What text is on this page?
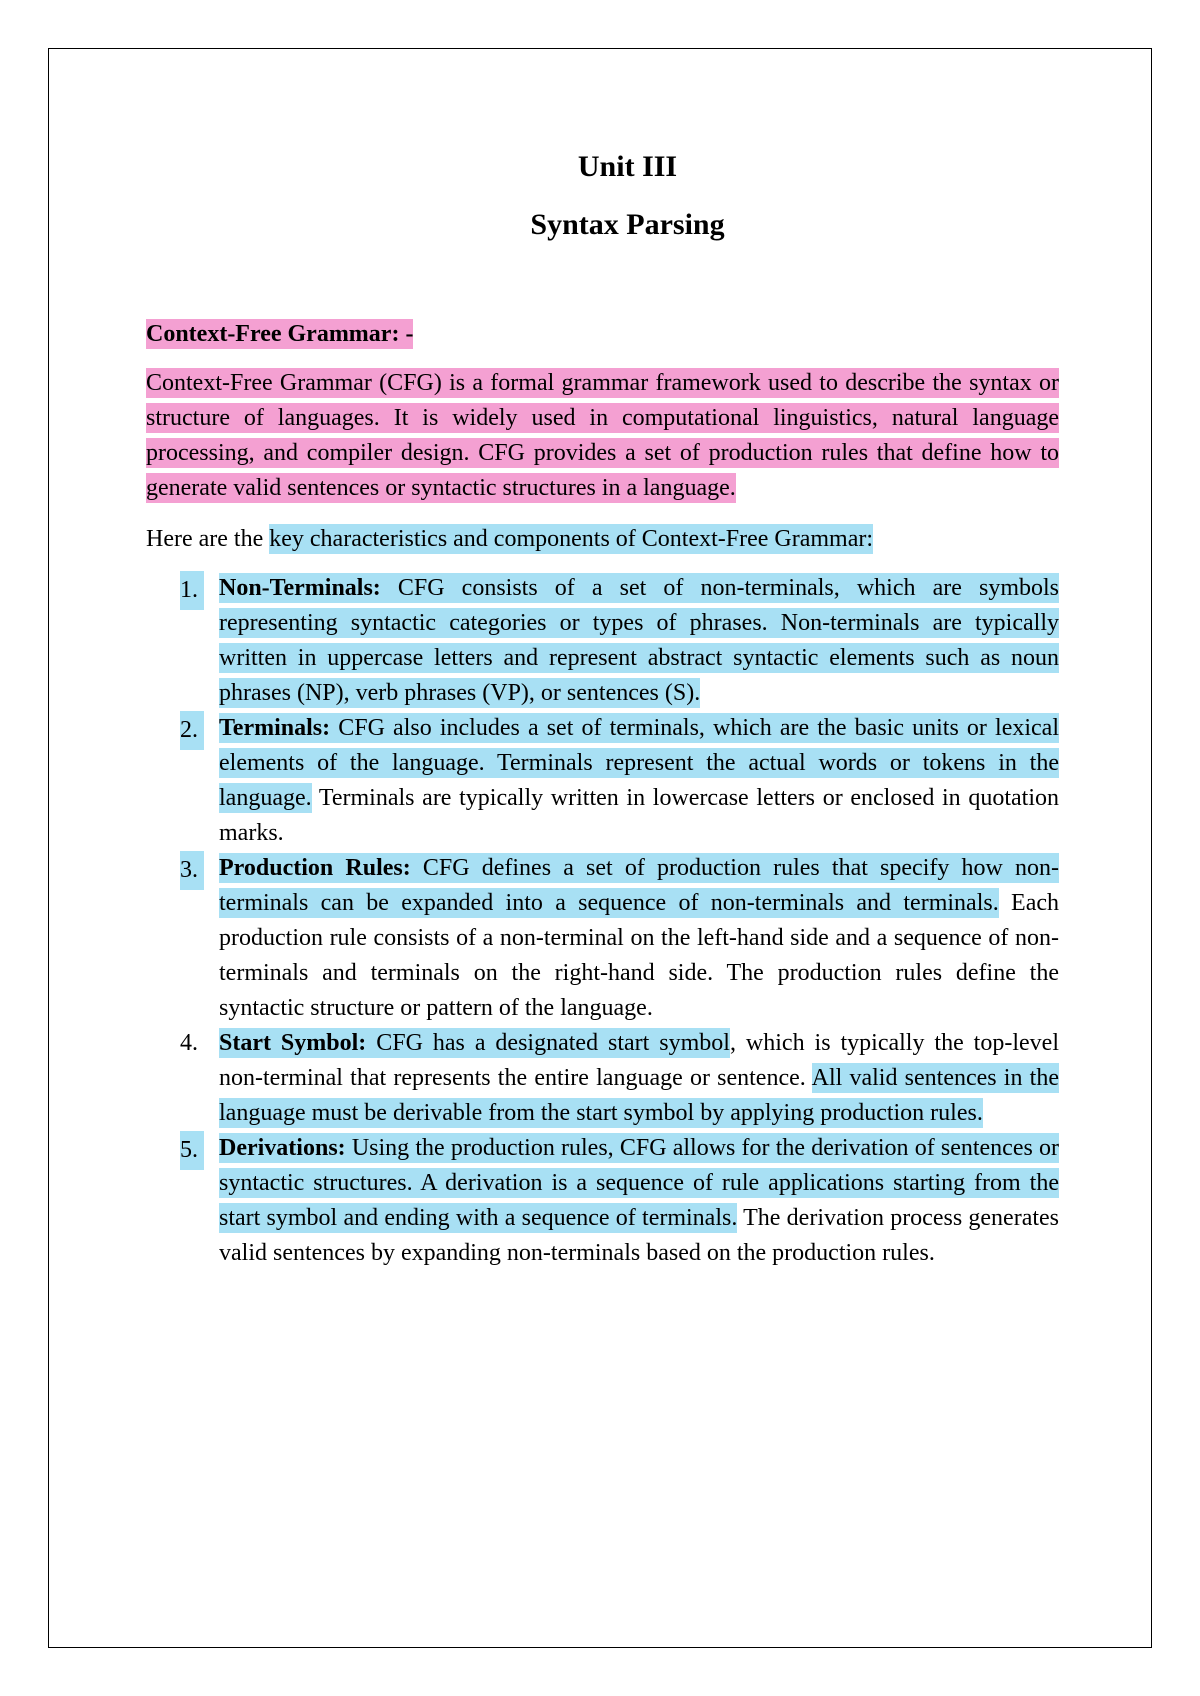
Unit III
Syntax Parsing
Context-Free Grammar: -
Context-Free Grammar (CFG) is a formal grammar framework used to describe the syntax or structure of languages. It is widely used in computational linguistics, natural language processing, and compiler design. CFG provides a set of production rules that define how to generate valid sentences or syntactic structures in a language.
Here are the key characteristics and components of Context-Free Grammar:
1. Non-Terminals: CFG consists of a set of non-terminals, which are symbols representing syntactic categories or types of phrases. Non-terminals are typically written in uppercase letters and represent abstract syntactic elements such as noun phrases (NP), verb phrases (VP), or sentences (S).
2. Terminals: CFG also includes a set of terminals, which are the basic units or lexical elements of the language. Terminals represent the actual words or tokens in the language. Terminals are typically written in lowercase letters or enclosed in quotation marks.
3. Production Rules: CFG defines a set of production rules that specify how non-terminals can be expanded into a sequence of non-terminals and terminals. Each production rule consists of a non-terminal on the left-hand side and a sequence of non-terminals and terminals on the right-hand side. The production rules define the syntactic structure or pattern of the language.
4. Start Symbol: CFG has a designated start symbol, which is typically the top-level non-terminal that represents the entire language or sentence. All valid sentences in the language must be derivable from the start symbol by applying production rules.
5. Derivations: Using the production rules, CFG allows for the derivation of sentences or syntactic structures. A derivation is a sequence of rule applications starting from the start symbol and ending with a sequence of terminals. The derivation process generates valid sentences by expanding non-terminals based on the production rules.
